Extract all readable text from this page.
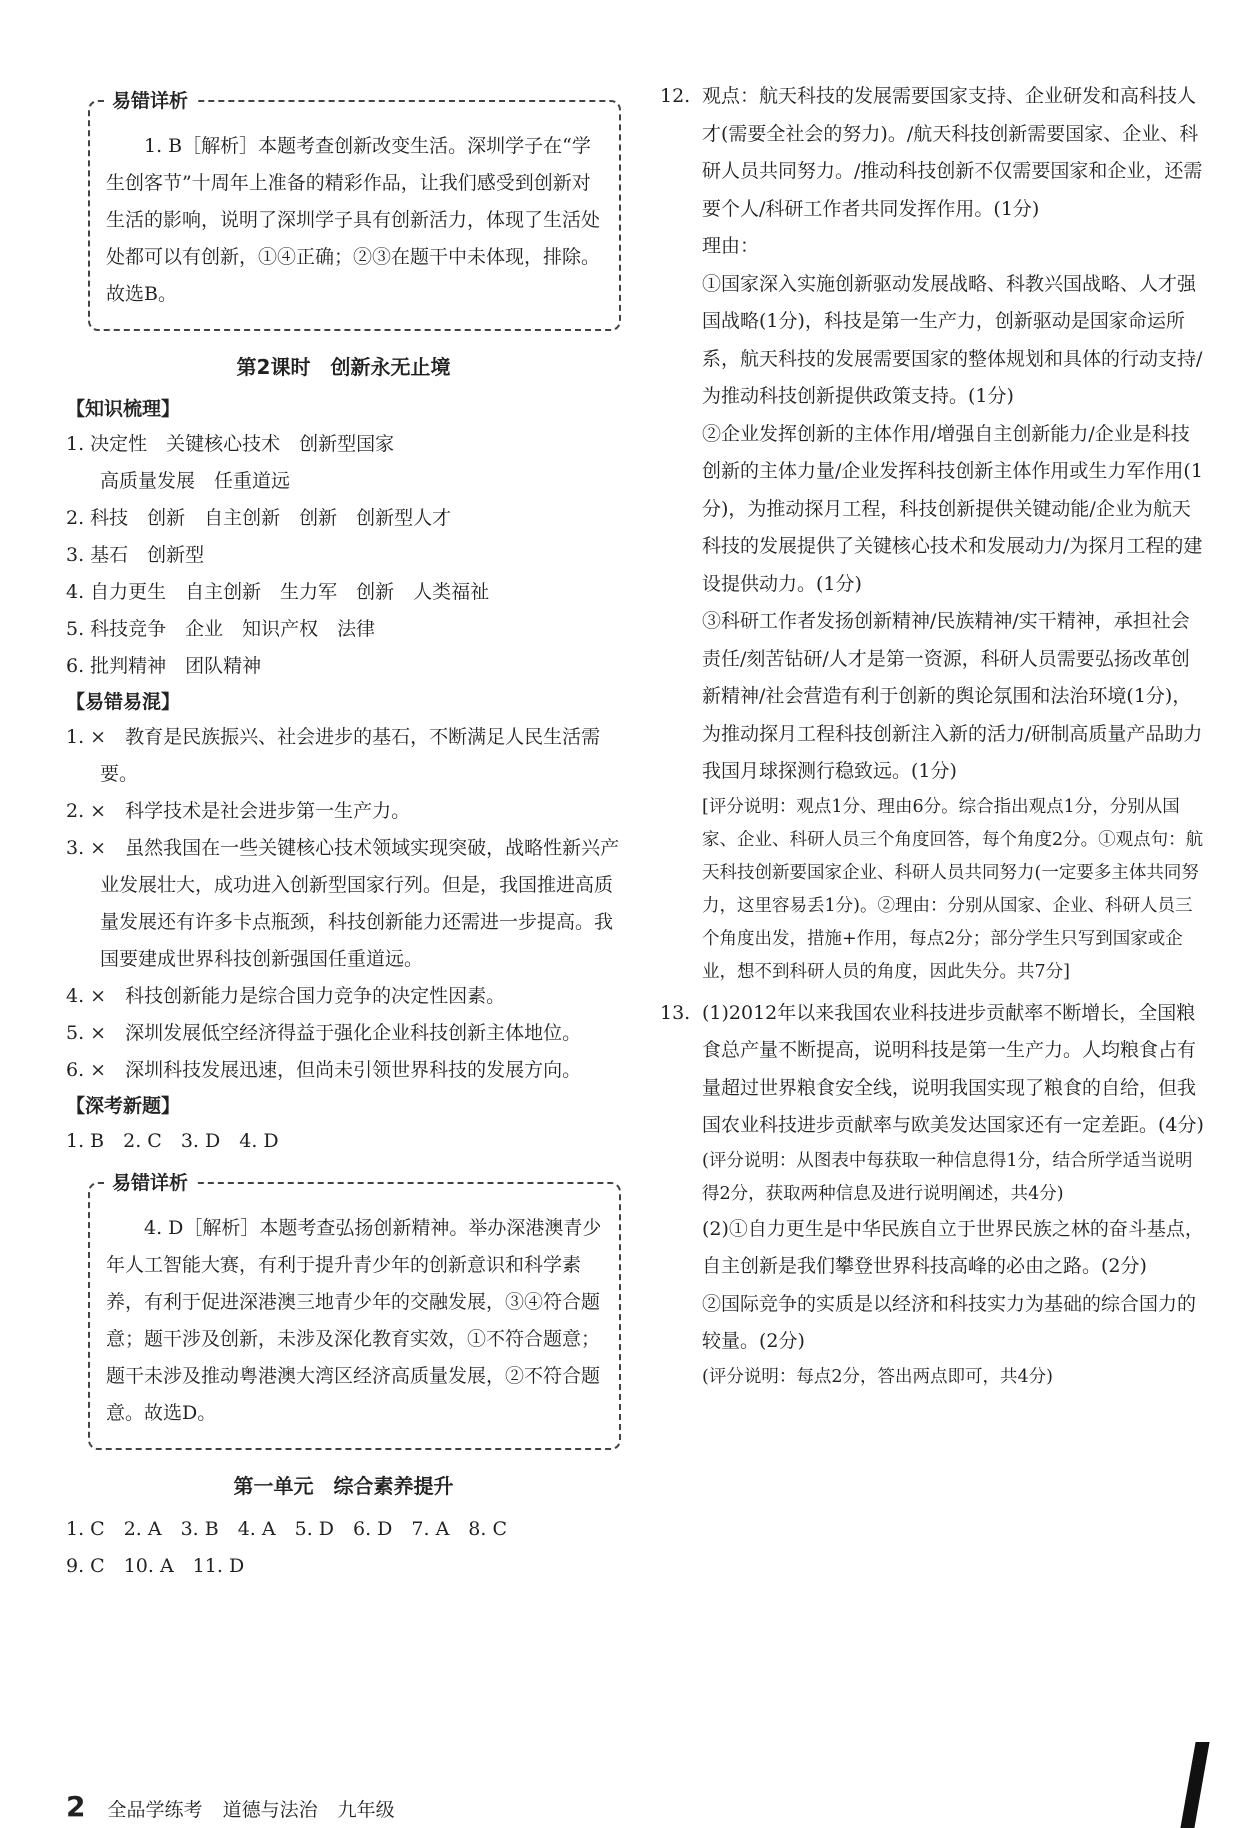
易错详析

1. B［解析］本题考查创新改变生活。深圳学子在“学生创客节”十周年上准备的精彩作品，让我们感受到创新对生活的影响，说明了深圳学子具有创新活力，体现了生活处处都可以有创新，①④正确；②③在题干中未体现，排除。故选B。

第2课时　创新永无止境
【知识梳理】
1. 决定性　关键核心技术　创新型国家
高质量发展　任重道远
2. 科技　创新　自主创新　创新　创新型人才
3. 基石　创新型
4. 自力更生　自主创新　生力军　创新　人类福祉
5. 科技竞争　企业　知识产权　法律
6. 批判精神　团队精神
【易错易混】
1. ×　教育是民族振兴、社会进步的基石，不断满足人民生活需要。
2. ×　科学技术是社会进步第一生产力。
3. ×　虽然我国在一些关键核心技术领域实现突破，战略性新兴产业发展壮大，成功进入创新型国家行列。但是，我国推进高质量发展还有许多卡点瓶颈，科技创新能力还需进一步提高。我国要建成世界科技创新强国任重道远。
4. ×　科技创新能力是综合国力竞争的决定性因素。
5. ×　深圳发展低空经济得益于强化企业科技创新主体地位。
6. ×　深圳科技发展迅速，但尚未引领世界科技的发展方向。
【深考新题】
1. B　2. C　3. D　4. D
易错详析

4. D［解析］本题考查弘扬创新精神。举办深港澳青少年人工智能大赛，有利于提升青少年的创新意识和科学素养，有利于促进深港澳三地青少年的交融发展，③④符合题意；题干涉及创新，未涉及深化教育实效，①不符合题意；题干未涉及推动粤港澳大湾区经济高质量发展，②不符合题意。故选D。

第一单元　综合素养提升
1. C　2. A　3. B　4. A　5. D　6. D　7. A　8. C
9. C　10. A　11. D
12. 观点：航天科技的发展需要国家支持、企业研发和高科技人才(需要全社会的努力)。/航天科技创新需要国家、企业、科研人员共同努力。/推动科技创新不仅需要国家和企业，还需要个人/科研工作者共同发挥作用。(1分)
理由：
①国家深入实施创新驱动发展战略、科教兴国战略、人才强国战略(1分)，科技是第一生产力，创新驱动是国家命运所系，航天科技的发展需要国家的整体规划和具体的行动支持/为推动科技创新提供政策支持。(1分)
②企业发挥创新的主体作用/增强自主创新能力/企业是科技创新的主体力量/企业发挥科技创新主体作用或生力军作用(1分)，为推动探月工程，科技创新提供关键动能/企业为航天科技的发展提供了关键核心技术和发展动力/为探月工程的建设提供动力。(1分)
③科研工作者发扬创新精神/民族精神/实干精神，承担社会责任/刻苦钻研/人才是第一资源，科研人员需要弘扬改革创新精神/社会营造有利于创新的舆论氛围和法治环境(1分)，为推动探月工程科技创新注入新的活力/研制高质量产品助力我国月球探测行稳致远。(1分)
[评分说明：观点1分、理由6分。综合指出观点1分，分别从国家、企业、科研人员三个角度回答，每个角度2分。①观点句：航天科技创新要国家企业、科研人员共同努力(一定要多主体共同努力，这里容易丢1分)。②理由：分别从国家、企业、科研人员三个角度出发，措施+作用，每点2分；部分学生只写到国家或企业，想不到科研人员的角度，因此失分。共7分]
13. (1)2012年以来我国农业科技进步贡献率不断增长，全国粮食总产量不断提高，说明科技是第一生产力。人均粮食占有量超过世界粮食安全线，说明我国实现了粮食的自给，但我国农业科技进步贡献率与欧美发达国家还有一定差距。(4分)
(评分说明：从图表中每获取一种信息得1分，结合所学适当说明得2分，获取两种信息及进行说明阐述，共4分)
(2)①自力更生是中华民族自立于世界民族之林的奋斗基点，自主创新是我们攀登世界科技高峰的必由之路。(2分)
②国际竞争的实质是以经济和科技实力为基础的综合国力的较量。(2分)
(评分说明：每点2分，答出两点即可，共4分)
2 全品学练考 道德与法治 九年级
